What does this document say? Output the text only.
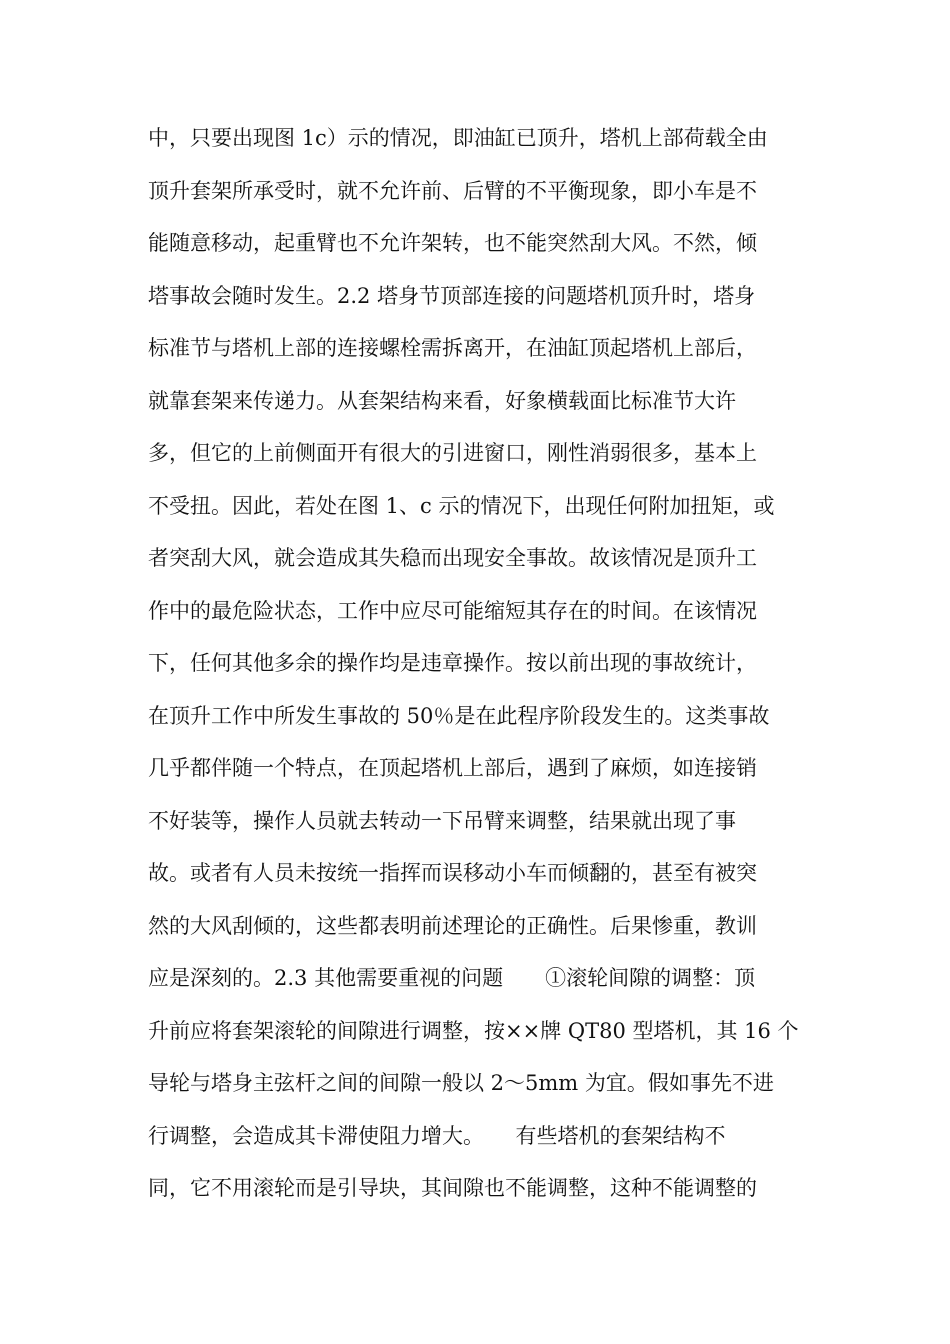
中，只要出现图 1c）示的情况，即油缸已顶升，塔机上部荷载全由
顶升套架所承受时，就不允许前、后臂的不平衡现象，即小车是不
能随意移动，起重臂也不允许架转，也不能突然刮大风。不然，倾
塔事故会随时发生。2.2 塔身节顶部连接的问题塔机顶升时，塔身
标准节与塔机上部的连接螺栓需拆离开，在油缸顶起塔机上部后，
就靠套架来传递力。从套架结构来看，好象横载面比标准节大许
多，但它的上前侧面开有很大的引进窗口，刚性消弱很多，基本上
不受扭。因此，若处在图 1、c 示的情况下，出现任何附加扭矩，或
者突刮大风，就会造成其失稳而出现安全事故。故该情况是顶升工
作中的最危险状态，工作中应尽可能缩短其存在的时间。在该情况
下，任何其他多余的操作均是违章操作。按以前出现的事故统计，
在顶升工作中所发生事故的 50％是在此程序阶段发生的。这类事故
几乎都伴随一个特点，在顶起塔机上部后，遇到了麻烦，如连接销
不好装等，操作人员就去转动一下吊臂来调整，结果就出现了事
故。或者有人员未按统一指挥而误移动小车而倾翻的，甚至有被突
然的大风刮倾的，这些都表明前述理论的正确性。后果惨重，教训
应是深刻的。2.3 其他需要重视的问题　　①滚轮间隙的调整：顶
升前应将套架滚轮的间隙进行调整，按××牌 QT80 型塔机，其 16 个
导轮与塔身主弦杆之间的间隙一般以 2～5mm 为宜。假如事先不进
行调整，会造成其卡滞使阻力增大。　　有些塔机的套架结构不
同，它不用滚轮而是引导块，其间隙也不能调整，这种不能调整的
